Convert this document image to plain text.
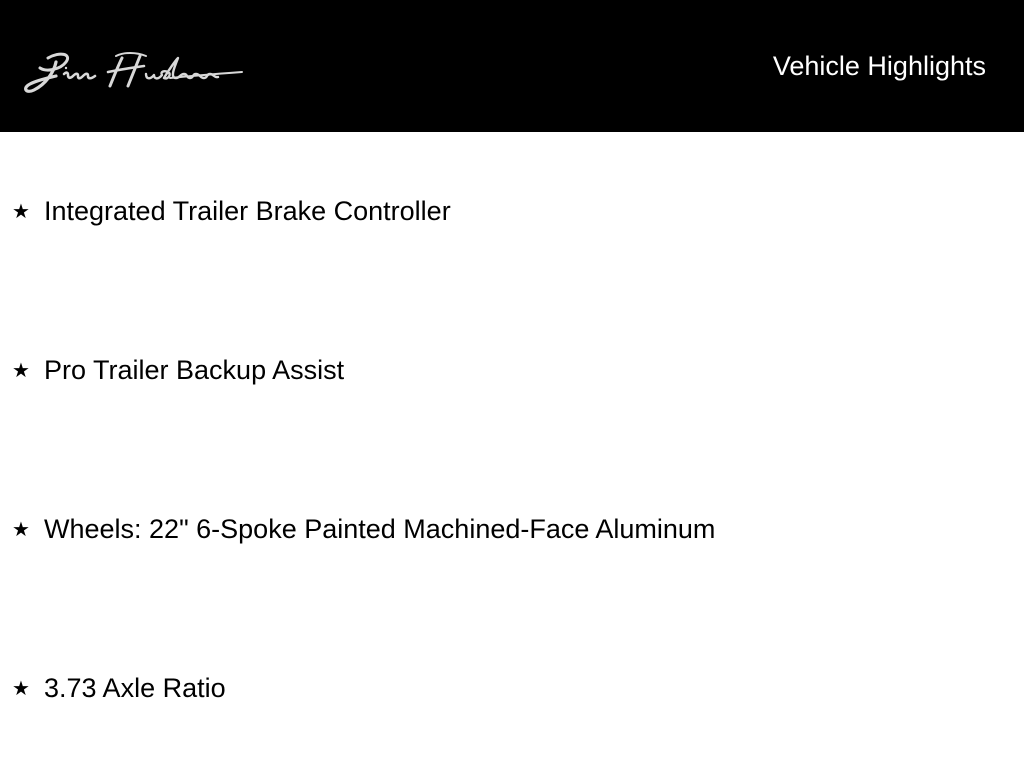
Vehicle Highlights
★ Integrated Trailer Brake Controller
★ Pro Trailer Backup Assist
★ Wheels: 22" 6-Spoke Painted Machined-Face Aluminum
★ 3.73 Axle Ratio
